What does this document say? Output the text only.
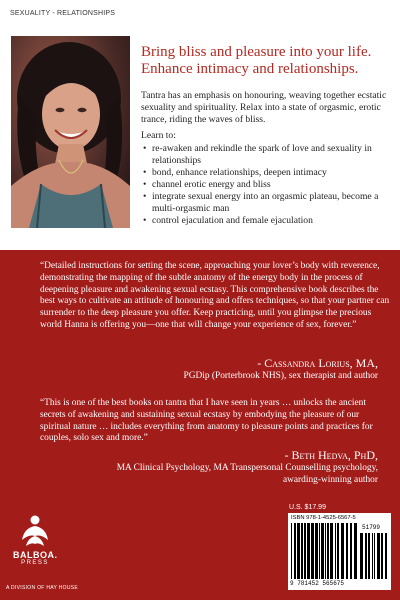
SEXUALITY - RELATIONSHIPS
Bring bliss and pleasure into your life.
Enhance intimacy and relationships.

Tantra has an emphasis on honouring, weaving together ecstatic sexuality and spirituality. Relax into a state of orgasmic, erotic trance, riding the waves of bliss.

Learn to:

• re-awaken and rekindle the spark of love and sexuality in relationships
• bond, enhance relationships, deepen intimacy
• channel erotic energy and bliss
• integrate sexual energy into an orgasmic plateau, become a multi-orgasmic man
• control ejaculation and female ejaculation

“Detailed instructions for setting the scene, approaching your lover’s body with reverence, demonstrating the mapping of the subtle anatomy of the energy body in the process of deepening pleasure and awakening sexual ecstasy. This comprehensive book describes the best ways to cultivate an attitude of honouring and offers techniques, so that your partner can surrender to the deep pleasure you offer. Keep practicing, until you glimpse the precious world Hanna is offering you—one that will change your experience of sex, forever.”

- Cassandra Lorius, MA,

PGDip (Porterbrook NHS), sex therapist and author

“This is one of the best books on tantra that I have seen in years … unlocks the ancient secrets of awakening and sustaining sexual ecstasy by embodying the pleasure of our spiritual nature … includes everything from anatomy to pleasure points and practices for couples, solo sex and more.”

- Beth Hedva, PhD,

MA Clinical Psychology, MA Transpersonal Counselling psychology, awarding-winning author

BALBOA.
PRESS
A DIVISION OF HAY HOUSE
U.S. $17.99
ISBN 978-1-4525-6567-5
51799
9 781452 565675
